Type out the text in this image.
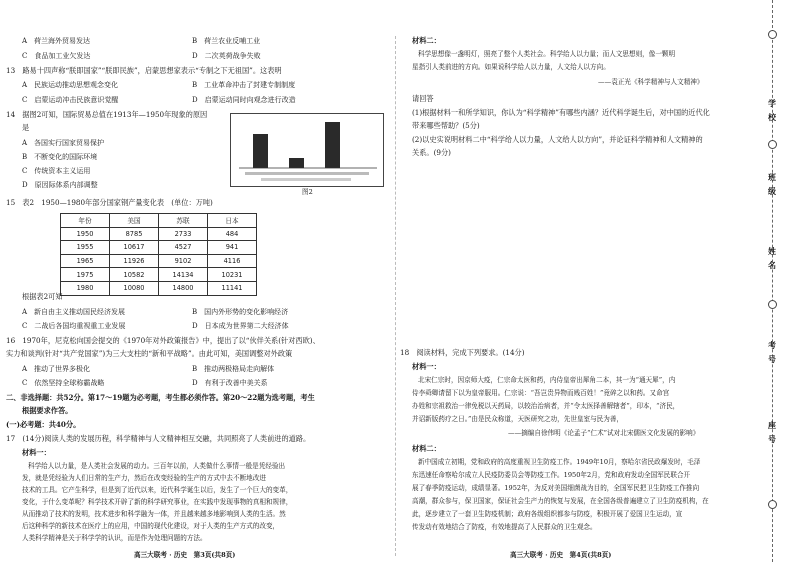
A　荷兰海外贸易发达	B　荷兰农业反哺工业
C　食品加工业欠发达	D　二次英荷战争失败
13　路易十四声称“朕即国家”“朕即民族”，启蒙思想家表示“专制之下无祖国”。这表明
A　民族运动推动思想观念变化	B　工业革命冲击了封建专制制度
C　启蒙运动冲击民族意识觉醒	D　启蒙运动同时向观念进行改造
14　据图2可知，国际贸易总值在1913年—1950年现象的原因
是
A　各国实行国家贸易保护
B　不断变化的国际环境
C　传统资本主义运用
D　原因际体系内部调整
图2
15　表2　1950—1980年部分国家钢产量变化表　(单位：万吨)
年份	美国	苏联	日本
1950	8785	2733	484
1955	10617	4527	941
1965	11926	9102	4116
1975	10582	14134	10231
1980	10080	14800	11141
根据表2可知
A　新自由主义推动国民经济发展	B　国内外形势的变化影响经济
C　二战后各国均重视重工业发展	D　日本成为世界第二大经济体
16　1970年，尼克松向国会提交的《1970年对外政策报告》中，提出了以“伙伴关系(针对西欧)、
实力和谈判(针对“共产党国家”)为三大支柱的“新和平战略”。由此可知，美国调整对外政策
A　推动了世界多极化	B　推动两极格局走向解体
C　依然坚持全球称霸战略	D　有利于改善中美关系
二、非选择题：共52分。第17～19题为必考题，考生都必须作答。第20～22题为选考题，考生
根据要求作答。
(一)必考题：共40分。
17　(14分)阅读人类的发展历程，科学精神与人文精神相互交融，共同照亮了人类前进的道路。
材料一：
科学给人以力量，是人类社会发展的动力。三百年以前，人类做什么事情一般是凭经验出
发，就是凭经验为人们日常的生产力，然后在改变经验的生产的方式中去不断地改进
技术的工具。它产生科学，但是到了近代以来，近代科学诞生以后，发生了一个巨大的变革，
变化，于什么变革呢？科学技术开辟了新的科学研究事业，在实践中发现事物的真相和规律，
从而推动了技术的发明，技术进步和科学融为一体，并且越来越多地影响到人类的生活。然
后这种科学的新技术在医疗上的应用，中国的现代化建设，对于人类的生产方式的改变，
人类科学精神是关于科学学的认识，而是作为处理问题的方法。
高三大联考 · 历史　第3页(共8页)
材料二：
科学思想像一盏明灯，照亮了整个人类社会。科学给人以力量；而人文思想则，像一颗明
星指引人类前进的方向。如果说科学给人以力量，人文给人以方向。
——袁正光《科学精神与人文精神》
请回答
(1)根据材料一和所学知识，你认为“科学精神”有哪些内涵？近代科学诞生后，对中国的近代化
带来哪些帮助？(5分)
(2)以史实说明材料二中“科学给人以力量，人文给人以方向”，并论证科学精神和人文精神的
关系。(9分)
18　阅读材料，完成下列要求。(14分)
材料一：
北宋仁宗时，因京师大疫，仁宗命太医和药，内侍皇帝出犀角二本，其一为“通天犀”，内
侍李舜卿请留下以为皇帝服用。仁宗说：“吾岂贵异物而贱百姓！”竟碎之以和药。又命宫
办姓和宗祖救治一律免税以天药局，以较治治病者，并“令太医择善解辖者”，印本，“济民，
并诏新版药疗之日。”由是民众称道，天医研究之功，先世皇室与民为善，
——摘编自徐伟明《论孟子“仁术”试对北宋儒医文化发展的影响》
材料二：
新中国成立初期，党和政府的高度重视卫生防疫工作。1949年10月，察哈尔省民政爆发时，毛泽
东迅速任命察哈尔成立人民疫防委员会等防疫工作。1950年2月，党和政府发动全国军民联合开
展了春季防疫运动，成绩显著。1952年，为反对美国细菌战为目的，全国军民把卫生防疫工作推向
高潮，群众参与，保卫国家，保证社会生产力的恢复与发展，在全国各级普遍建立了卫生防疫机构，在
此，逐步建立了一套卫生防疫机制；政府各级组织都参与防疫，积极开展了爱国卫生运动，宣
传发动有效地结合了防疫，有效地提高了人民群众的卫生观念。
高三大联考 · 历史　第4页(共8页)
学
校
班
级
姓
名
考
号
座
号
